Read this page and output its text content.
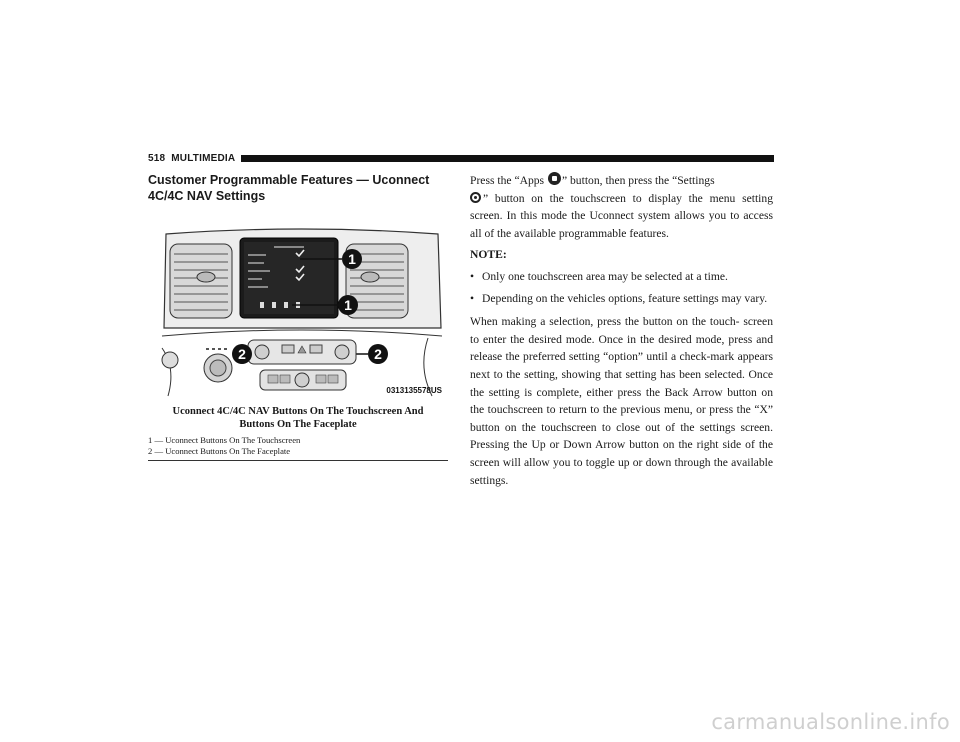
518 MULTIMEDIA
Customer Programmable Features — Uconnect
4C/4C NAV Settings
1
1
2	2
0313135578US
Uconnect 4C/4C NAV Buttons On The Touchscreen And
Buttons On The Faceplate
1 — Uconnect Buttons On The Touchscreen
2 — Uconnect Buttons On The Faceplate

Press the “Apps ” button, then press the “Settings
” button on the touchscreen to display the menu setting screen. In this mode the Uconnect system allows you to access all of the available programmable features.

NOTE:
• Only one touchscreen area may be selected at a time.
• Depending on the vehicles options, feature settings may vary.

When making a selection, press the button on the touch- screen to enter the desired mode. Once in the desired mode, press and release the preferred setting “option” until a check-mark appears next to the setting, showing that setting has been selected. Once the setting is complete, either press the Back Arrow button on the touchscreen to return to the previous menu, or press the “X” button on the touchscreen to close out of the settings screen. Pressing the Up or Down Arrow button on the right side of the screen will allow you to toggle up or down through the available settings.

carmanualsonline.info
